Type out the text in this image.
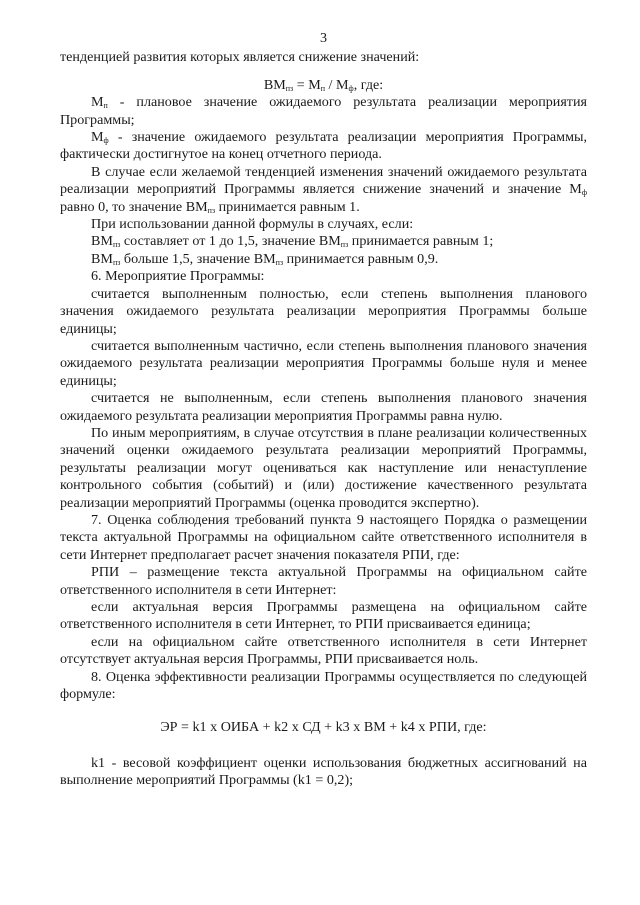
3

тенденцией развития которых является снижение значений:

$ВМ_{пз} = М_п / М_ф$, где:

$М_п$ - плановое значение ожидаемого результата реализации мероприятия Программы;

$М_ф$ - значение ожидаемого результата реализации мероприятия Программы, фактически достигнутое на конец отчетного периода.

В случае если желаемой тенденцией изменения значений ожидаемого результата реализации мероприятий Программы является снижение значений и значение $М_ф$ равно 0, то значение $ВМ_{пз}$ принимается равным 1.

При использовании данной формулы в случаях, если:

$ВМ_{пз}$ составляет от 1 до 1,5, значение $ВМ_{пз}$ принимается равным 1;

$ВМ_{пз}$ больше 1,5, значение $ВМ_{пз}$ принимается равным 0,9.

6. Мероприятие Программы:

считается выполненным полностью, если степень выполнения планового значения ожидаемого результата реализации мероприятия Программы больше единицы;

считается выполненным частично, если степень выполнения планового значения ожидаемого результата реализации мероприятия Программы больше нуля и менее единицы;

считается не выполненным, если степень выполнения планового значения ожидаемого результата реализации мероприятия Программы равна нулю.

По иным мероприятиям, в случае отсутствия в плане реализации количественных значений оценки ожидаемого результата реализации мероприятий Программы, результаты реализации могут оцениваться как наступление или ненаступление контрольного события (событий) и (или) достижение качественного результата реализации мероприятий Программы (оценка проводится экспертно).

7. Оценка соблюдения требований пункта 9 настоящего Порядка о размещении текста актуальной Программы на официальном сайте ответственного исполнителя в сети Интернет предполагает расчет значения показателя РПИ, где:

РПИ – размещение текста актуальной Программы на официальном сайте ответственного исполнителя в сети Интернет:

если актуальная версия Программы размещена на официальном сайте ответственного исполнителя в сети Интернет, то РПИ присваивается единица;

если на официальном сайте ответственного исполнителя в сети Интернет отсутствует актуальная версия Программы, РПИ присваивается ноль.

8. Оценка эффективности реализации Программы осуществляется по следующей формуле:

ЭР = k1 x ОИБА + k2 x СД + k3 x ВМ + k4 x РПИ, где:

k1 - весовой коэффициент оценки использования бюджетных ассигнований на выполнение мероприятий Программы (k1 = 0,2);
